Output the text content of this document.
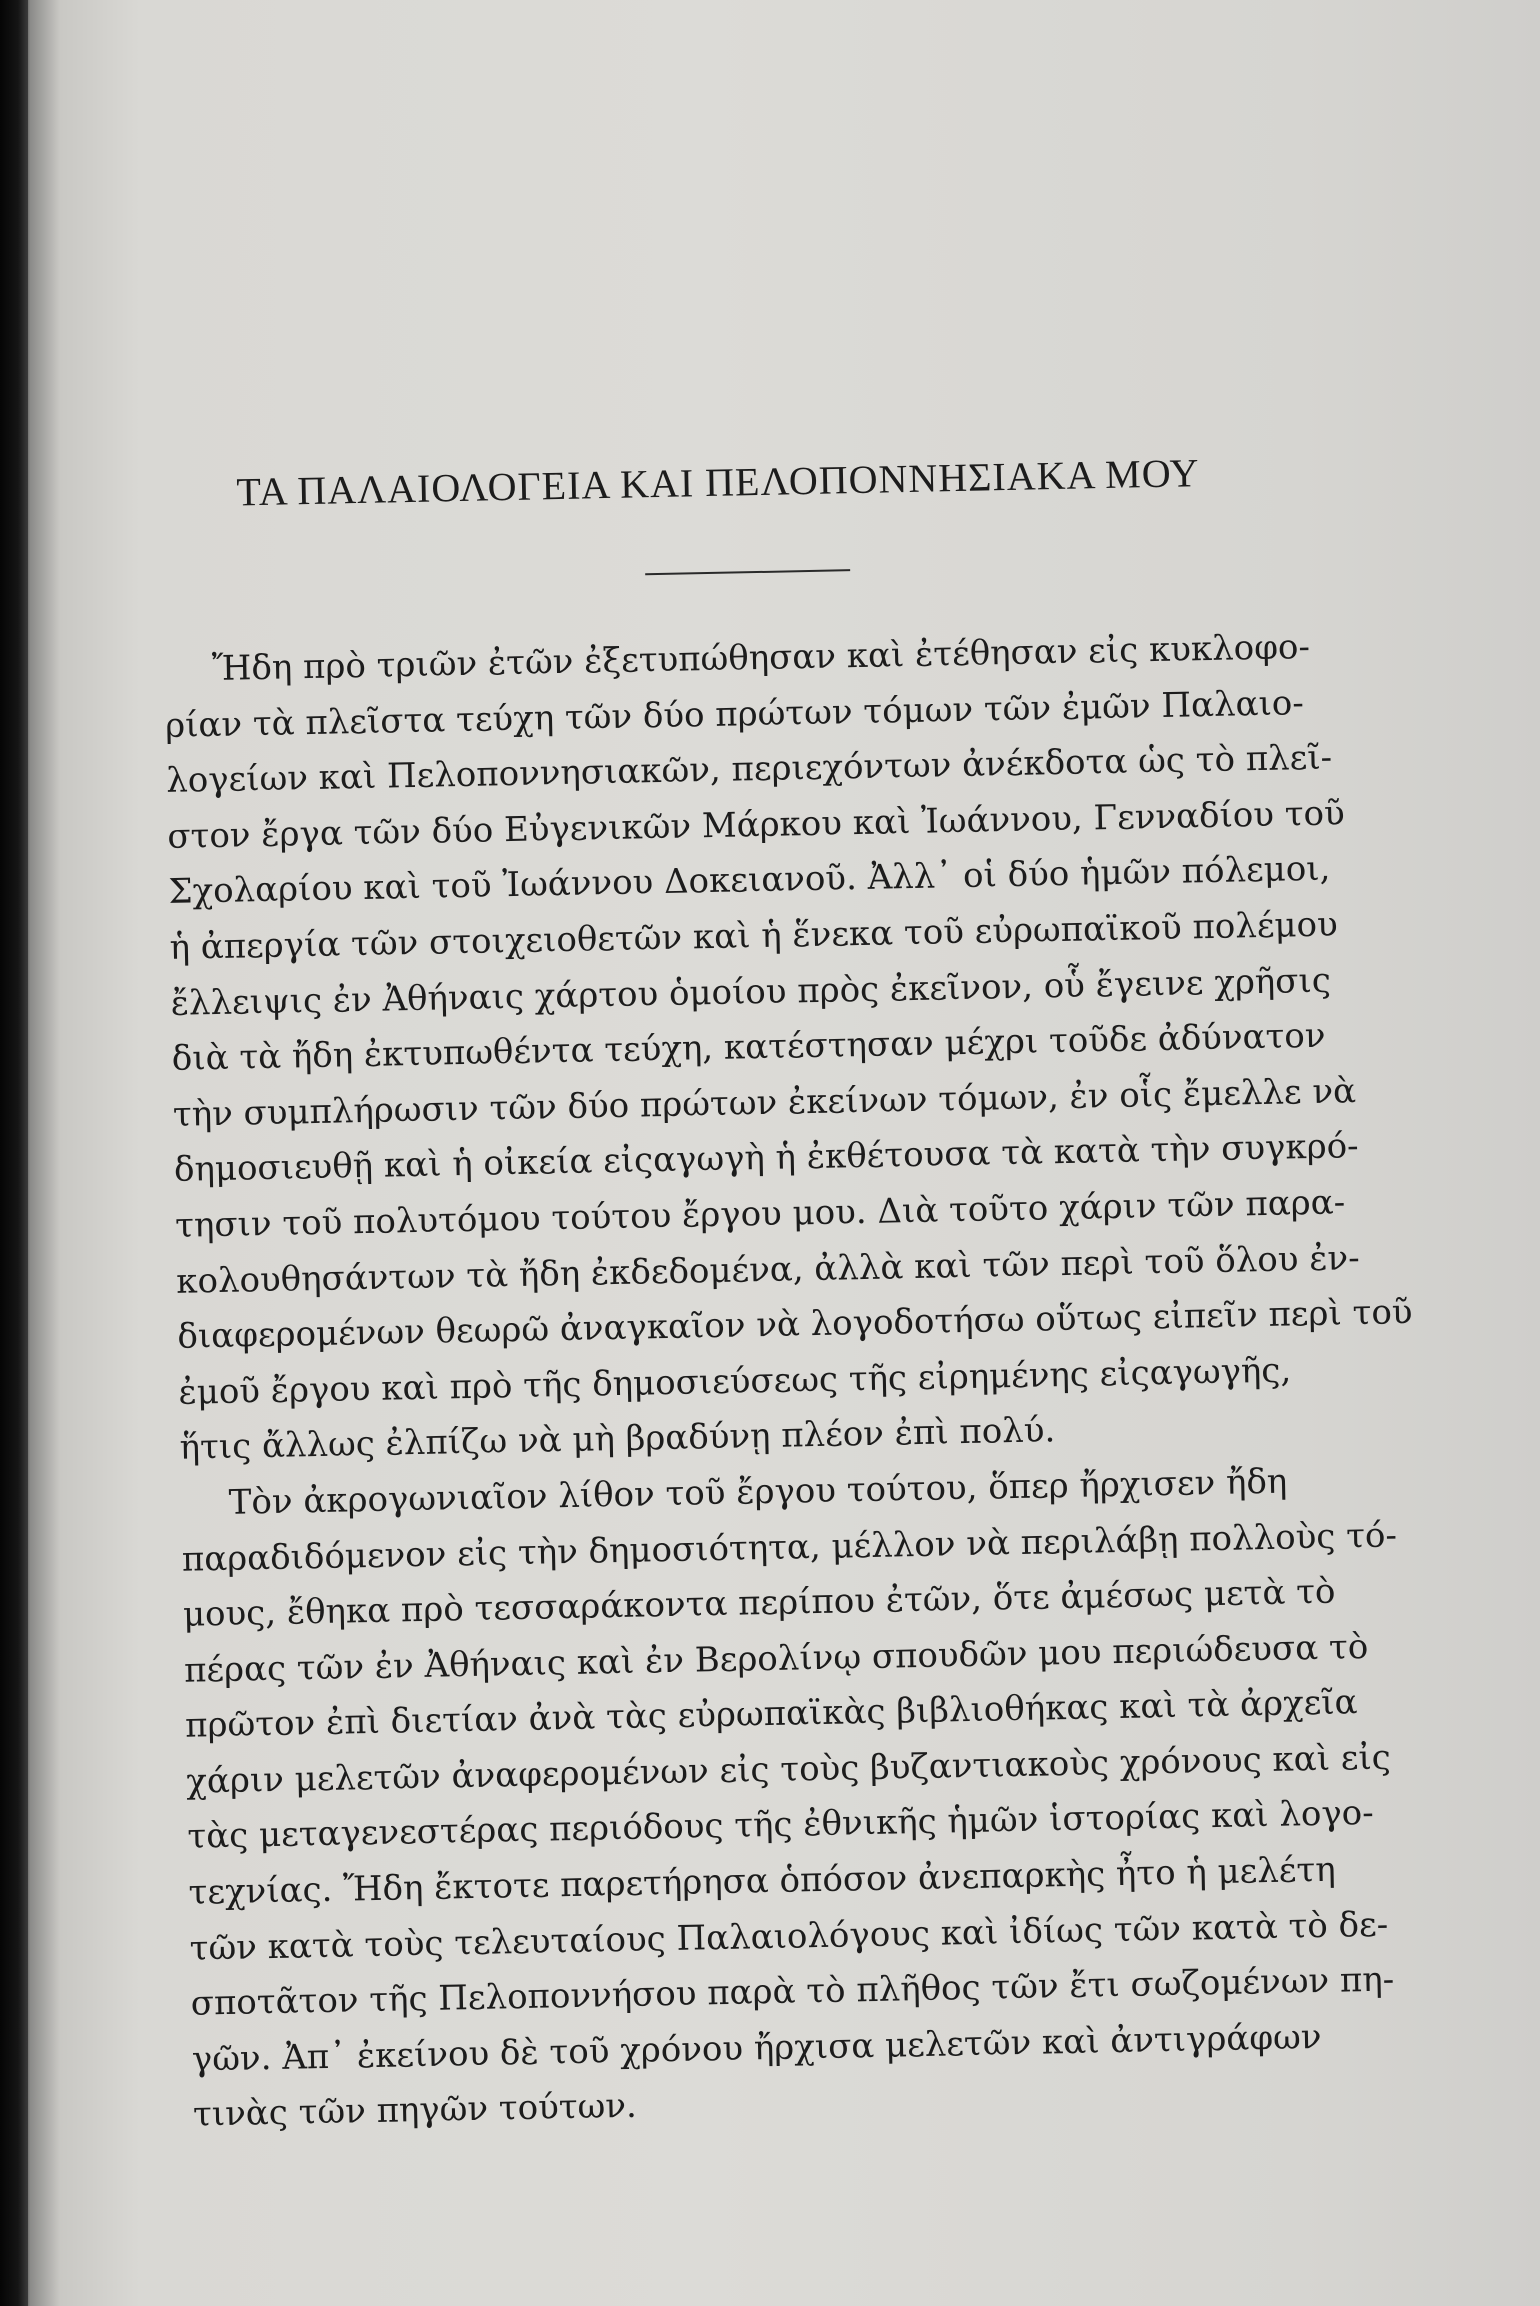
ΤΑ ΠΑΛΑΙΟΛΟΓΕΙΑ ΚΑΙ ΠΕΛΟΠΟΝΝΗΣΙΑΚΑ ΜΟΥ

Ἤδη πρὸ τριῶν ἐτῶν ἐξετυπώθησαν καὶ ἐτέθησαν εἰς κυκλοφο-

ρίαν τὰ πλεῖστα τεύχη τῶν δύο πρώτων τόμων τῶν ἐμῶν Παλαιο-

λογείων καὶ Πελοποννησιακῶν, περιεχόντων ἀνέκδοτα ὡς τὸ πλεῖ-

στον ἔργα τῶν δύο Εὐγενικῶν Μάρκου καὶ Ἰωάννου, Γενναδίου τοῦ

Σχολαρίου καὶ τοῦ Ἰωάννου Δοκειανοῦ. Ἀλλ᾽ οἱ δύο ἡμῶν πόλεμοι,

ἡ ἀπεργία τῶν στοιχειοθετῶν καὶ ἡ ἕνεκα τοῦ εὐρωπαϊκοῦ πολέμου

ἔλλειψις ἐν Ἀθήναις χάρτου ὁμοίου πρὸς ἐκεῖνον, οὗ ἔγεινε χρῆσις

διὰ τὰ ἤδη ἐκτυπωθέντα τεύχη, κατέστησαν μέχρι τοῦδε ἀδύνατον

τὴν συμπλήρωσιν τῶν δύο πρώτων ἐκείνων τόμων, ἐν οἷς ἔμελλε νὰ

δημοσιευθῇ καὶ ἡ οἰκεία εἰςαγωγὴ ἡ ἐκθέτουσα τὰ κατὰ τὴν συγκρό-

τησιν τοῦ πολυτόμου τούτου ἔργου μου. Διὰ τοῦτο χάριν τῶν παρα-

κολουθησάντων τὰ ἤδη ἐκδεδομένα, ἀλλὰ καὶ τῶν περὶ τοῦ ὅλου ἐν-

διαφερομένων θεωρῶ ἀναγκαῖον νὰ λογοδοτήσω οὕτως εἰπεῖν περὶ τοῦ

ἐμοῦ ἔργου καὶ πρὸ τῆς δημοσιεύσεως τῆς εἰρημένης εἰςαγωγῆς,

ἥτις ἄλλως ἐλπίζω νὰ μὴ βραδύνῃ πλέον ἐπὶ πολύ.

Τὸν ἀκρογωνιαῖον λίθον τοῦ ἔργου τούτου, ὅπερ ἤρχισεν ἤδη

παραδιδόμενον εἰς τὴν δημοσιότητα, μέλλον νὰ περιλάβῃ πολλοὺς τό-

μους, ἔθηκα πρὸ τεσσαράκοντα περίπου ἐτῶν, ὅτε ἀμέσως μετὰ τὸ

πέρας τῶν ἐν Ἀθήναις καὶ ἐν Βερολίνῳ σπουδῶν μου περιώδευσα τὸ

πρῶτον ἐπὶ διετίαν ἀνὰ τὰς εὐρωπαϊκὰς βιβλιοθήκας καὶ τὰ ἀρχεῖα

χάριν μελετῶν ἀναφερομένων εἰς τοὺς βυζαντιακοὺς χρόνους καὶ εἰς

τὰς μεταγενεστέρας περιόδους τῆς ἐθνικῆς ἡμῶν ἱστορίας καὶ λογο-

τεχνίας. Ἤδη ἔκτοτε παρετήρησα ὁπόσον ἀνεπαρκὴς ἦτο ἡ μελέτη

τῶν κατὰ τοὺς τελευταίους Παλαιολόγους καὶ ἰδίως τῶν κατὰ τὸ δε-

σποτᾶτον τῆς Πελοποννήσου παρὰ τὸ πλῆθος τῶν ἔτι σωζομένων πη-

γῶν. Ἀπ᾽ ἐκείνου δὲ τοῦ χρόνου ἤρχισα μελετῶν καὶ ἀντιγράφων

τινὰς τῶν πηγῶν τούτων.
